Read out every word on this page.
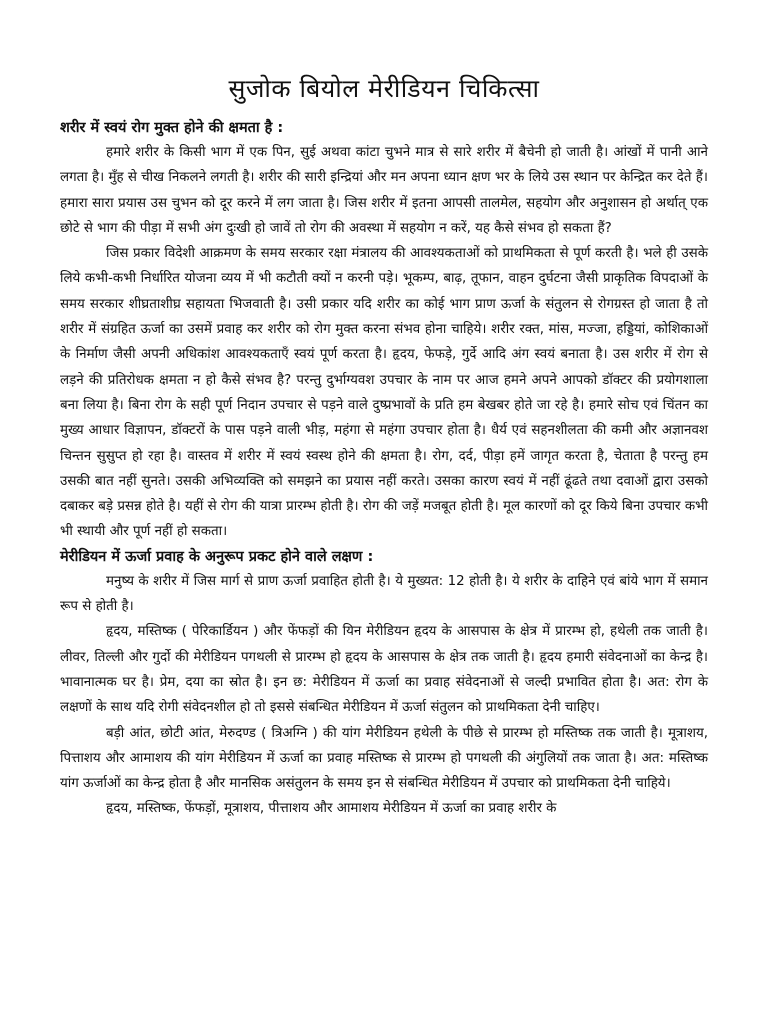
सुजोक बियोल मेरीडियन चिकित्सा
शरीर में स्वयं रोग मुक्त होने की क्षमता है :

हमारे शरीर के किसी भाग में एक पिन, सुई अथवा कांटा चुभने मात्र से सारे शरीर में बैचेनी हो जाती है। आंखों में पानी आने लगता है। मुँह से चीख निकलने लगती है। शरीर की सारी इन्द्रियां और मन अपना ध्यान क्षण भर के लिये उस स्थान पर केन्द्रित कर देते हैं। हमारा सारा प्रयास उस चुभन को दूर करने में लग जाता है। जिस शरीर में इतना आपसी तालमेल, सहयोग और अनुशासन हो अर्थात् एक छोटे से भाग की पीड़ा में सभी अंग दुःखी हो जावें तो रोग की अवस्था में सहयोग न करें, यह कैसे संभव हो सकता हैं?

जिस प्रकार विदेशी आक्रमण के समय सरकार रक्षा मंत्रालय की आवश्यकताओं को प्राथमिकता से पूर्ण करती है। भले ही उसके लिये कभी-कभी निर्धारित योजना व्यय में भी कटौती क्यों न करनी पड़े। भूकम्प, बाढ़, तूफान, वाहन दुर्घटना जैसी प्राकृतिक विपदाओं के समय सरकार शीघ्रताशीघ्र सहायता भिजवाती है। उसी प्रकार यदि शरीर का कोई भाग प्राण ऊर्जा के संतुलन से रोगग्रस्त हो जाता है तो शरीर में संग्रहित ऊर्जा का उसमें प्रवाह कर शरीर को रोग मुक्त करना संभव होना चाहिये। शरीर रक्त, मांस, मज्जा, हड्डियां, कोशिकाओं के निर्माण जैसी अपनी अधिकांश आवश्यकताएँ स्वयं पूर्ण करता है। हृदय, फेफड़े, गुर्दे आदि अंग स्वयं बनाता है। उस शरीर में रोग से लड़ने की प्रतिरोधक क्षमता न हो कैसे संभव है? परन्तु दुर्भाग्यवश उपचार के नाम पर आज हमने अपने आपको डॉक्टर की प्रयोगशाला बना लिया है। बिना रोग के सही पूर्ण निदान उपचार से पड़ने वाले दुष्प्रभावों के प्रति हम बेखबर होते जा रहे है। हमारे सोच एवं चिंतन का मुख्य आधार विज्ञापन, डॉक्टरों के पास पड़ने वाली भीड़, महंगा से महंगा उपचार होता है। धैर्य एवं सहनशीलता की कमी और अज्ञानवश चिन्तन सुसुप्त हो रहा है। वास्तव में शरीर में स्वयं स्वस्थ होने की क्षमता है। रोग, दर्द, पीड़ा हमें जागृत करता है, चेताता है परन्तु हम उसकी बात नहीं सुनते। उसकी अभिव्यक्ति को समझने का प्रयास नहीं करते। उसका कारण स्वयं में नहीं ढूंढते तथा दवाओं द्वारा उसको दबाकर बड़े प्रसन्न होते है। यहीं से रोग की यात्रा प्रारम्भ होती है। रोग की जड़ें मजबूत होती है। मूल कारणों को दूर किये बिना उपचार कभी भी स्थायी और पूर्ण नहीं हो सकता।

मेरीडियन में ऊर्जा प्रवाह के अनुरूप प्रकट होने वाले लक्षण :

मनुष्य के शरीर में जिस मार्ग से प्राण ऊर्जा प्रवाहित होती है। ये मुख्यत: 12 होती है। ये शरीर के दाहिने एवं बांये भाग में समान रूप से होती है।

हृदय, मस्तिष्क ( पेरिकार्डियन ) और फेंफड़ों की यिन मेरीडियन हृदय के आसपास के क्षेत्र में प्रारम्भ हो, हथेली तक जाती है। लीवर, तिल्ली और गुर्दो की मेरीडियन पगथली से प्रारम्भ हो हृदय के आसपास के क्षेत्र तक जाती है। हृदय हमारी संवेदनाओं का केन्द्र है। भावानात्मक घर है। प्रेम, दया का स्रोत है। इन छ: मेरीडियन में ऊर्जा का प्रवाह संवेदनाओं से जल्दी प्रभावित होता है। अत: रोग के लक्षणों के साथ यदि रोगी संवेदनशील हो तो इससे संबन्धित मेरीडियन में ऊर्जा संतुलन को प्राथमिकता देनी चाहिए।

बड़ी आंत, छोटी आंत, मेरुदण्ड ( त्रिअग्नि ) की यांग मेरीडियन हथेली के पीछे से प्रारम्भ हो मस्तिष्क तक जाती है। मूत्राशय, पित्ताशय और आमाशय की यांग मेरीडियन में ऊर्जा का प्रवाह मस्तिष्क से प्रारम्भ हो पगथली की अंगुलियों तक जाता है। अत: मस्तिष्क यांग ऊर्जाओं का केन्द्र होता है और मानसिक असंतुलन के समय इन से संबन्धित मेरीडियन में उपचार को प्राथमिकता देनी चाहिये।

हृदय, मस्तिष्क, फेंफड़ों, मूत्राशय, पीत्ताशय और आमाशय मेरीडियन में ऊर्जा का प्रवाह शरीर के
